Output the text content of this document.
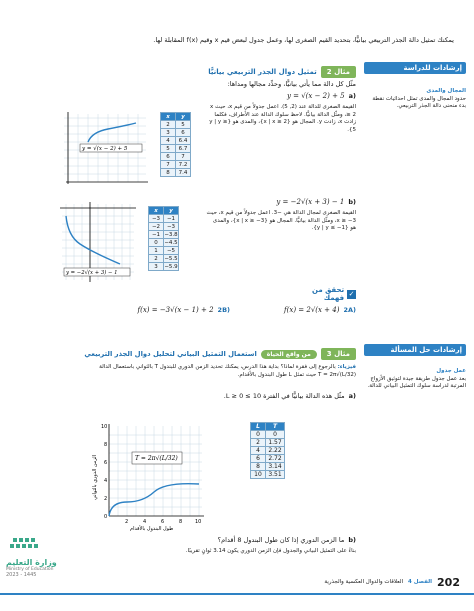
يمكنك تمثيل دالة الجذر التربيعي بيانيًّا، بتحديد القيم الصغرى لها، وعمل جدول لبعض قيم x وقيم f(x) المقابلة لها.
إرشادات للدراسة
المجال والمدى
حدود المجال والمدى تمثل احداثيات نقطة بدء منحنى دالة الجذر التربيعي.
إرشادات حل المسألة
عمل جدول
بعد عمل جدول طريقة جيدة لتوثيق الأزواج المرتبة لدراسة سلوك التمثيل البياني للدالة.
تمثيل دوال الجذر التربيعي بيانيًّا	مثال 2
مثّل كل دالة مما يأتي بيانيًّا، وحدِّد مجالها ومداها:
y = √(x − 2) + 5 a)
القيمة الصغرى للدالة عند (2, 5). اعمل جدولاً من قيم x، حيث x ≥ 2، ومثّل الدالة بيانيًّا. لاحظ سلوك الدالة عند الأطراف، فكلما زادت x، زادت y. المجال هو {x | x ≥ 2}، والمدى هو {y | y ≥ 5}.
x	y
2	5
3	6
4	6.4
5	6.7
6	7
7	7.2
8	7.4
y = √(x − 2) + 5
y = −2√(x + 3) − 1 b)
القيمة الصغرى لمجال الدالة هي −3. اعمل جدولاً من قيم x، حيث x ≥ −3، ومثّل الدالة بيانيًّا. المجال هو {x | x ≥ −3}، والمدى هو {y | y ≤ −1}.
x	y
−3	−1
−2	−3
−1	−3.8
0	−4.5
1	−5
2	−5.5
3	−5.9
y = −2√(x + 3) − 1
تحقق من فهمك
✓
f(x) = 2√(x + 4) 2A)
f(x) = −3√(x − 1) + 2 2B)
استعمال التمثيل البياني لتحليل دوال الجذر التربيعي	من واقع الحياة	مثال 3
فيزياء: بالرجوع إلى فقرة لماذا؟ بداية هذا الدرس، يمكنك تحديد الزمن الدوري للبندول T بالثواني باستعمال الدالة T = 2π√(L/32) حيث تمثل L طول البندول بالأقدام.
مثّل هذه الدالة بيانيًّا في الفترة 10 ≥ L ≥ 0. a)
L	T
0	0
2	1.57
4	2.22
6	2.72
8	3.14
10	3.51
0
2
4
6
8
10
2	4	6	8	10
T = 2π√(L/32)
طول البندول بالأقدام
الزمن الدوري بالثواني
ما الزمن الدوري إذا كان طول البندول 8 أقدام؟ b)
بناءً على التمثيل البياني والجدول فإن الزمن الدوري يكون 3.14 ثوانٍ تقريبًا.
وزارة التعليم
Ministry of Education
2023 - 1445
العلاقات والدوال العكسية والجذرية الفصل 4 202
